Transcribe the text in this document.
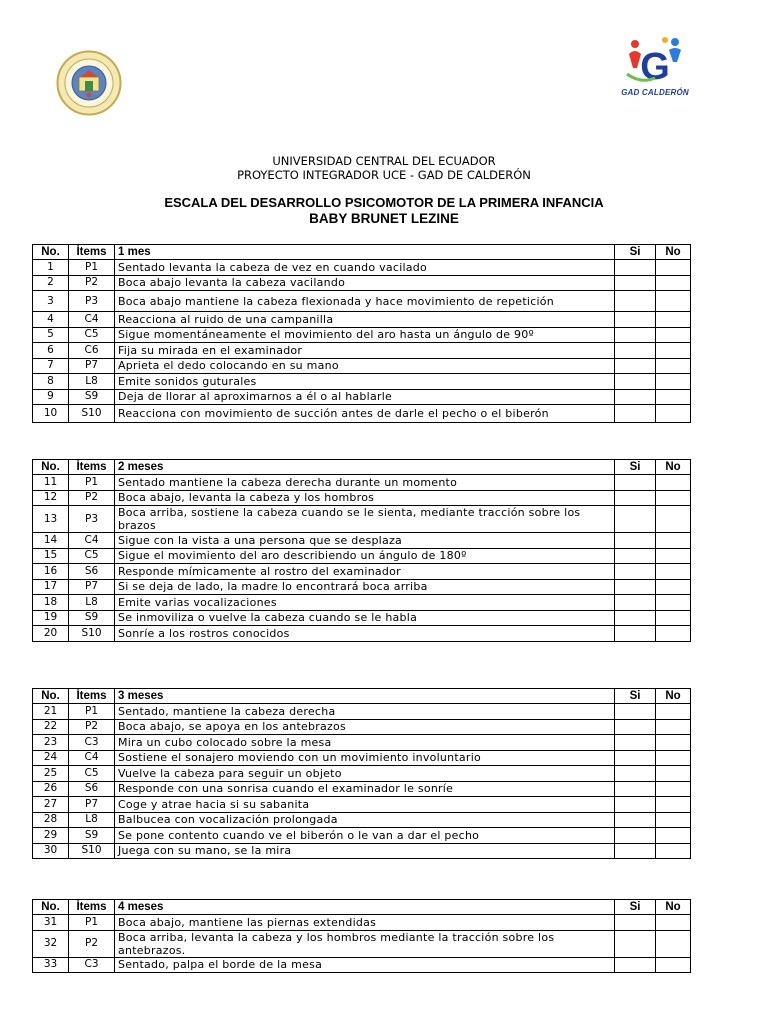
G
GAD CALDERÓN
UNIVERSIDAD CENTRAL DEL ECUADOR
PROYECTO INTEGRADOR UCE - GAD DE CALDERÓN
ESCALA DEL DESARROLLO PSICOMOTOR DE LA PRIMERA INFANCIA
BABY BRUNET LEZINE
No.	Ítems	1 mes	Si	No
1	P1	Sentado levanta la cabeza de vez en cuando vacilado		
2	P2	Boca abajo levanta la cabeza vacilando		
3	P3	Boca abajo mantiene la cabeza flexionada y hace movimiento de repetición		
4	C4	Reacciona al ruido de una campanilla		
5	C5	Sigue momentáneamente el movimiento del aro hasta un ángulo de 90º		
6	C6	Fija su mirada en el examinador		
7	P7	Aprieta el dedo colocando en su mano		
8	L8	Emite sonidos guturales		
9	S9	Deja de llorar al aproximarnos a él o al hablarle		
10	S10	Reacciona con movimiento de succión antes de darle el pecho o el biberón		
No.	Ítems	2 meses	Si	No
11	P1	Sentado mantiene la cabeza derecha durante un momento		
12	P2	Boca abajo, levanta la cabeza y los hombros		
13	P3	Boca arriba, sostiene la cabeza cuando se le sienta, mediante tracción sobre los brazos		
14	C4	Sigue con la vista a una persona que se desplaza		
15	C5	Sigue el movimiento del aro describiendo un ángulo de 180º		
16	S6	Responde mímicamente al rostro del examinador		
17	P7	Si se deja de lado, la madre lo encontrará boca arriba		
18	L8	Emite varias vocalizaciones		
19	S9	Se inmoviliza o vuelve la cabeza cuando se le habla		
20	S10	Sonríe a los rostros conocidos		
No.	Ítems	3 meses	Si	No
21	P1	Sentado, mantiene la cabeza derecha		
22	P2	Boca abajo, se apoya en los antebrazos		
23	C3	Mira un cubo colocado sobre la mesa		
24	C4	Sostiene el sonajero moviendo con un movimiento involuntario		
25	C5	Vuelve la cabeza para seguir un objeto		
26	S6	Responde con una sonrisa cuando el examinador le sonríe		
27	P7	Coge y atrae hacia si su sabanita		
28	L8	Balbucea con vocalización prolongada		
29	S9	Se pone contento cuando ve el biberón o le van a dar el pecho		
30	S10	Juega con su mano, se la mira		
No.	Ítems	4 meses	Si	No
31	P1	Boca abajo, mantiene las piernas extendidas		
32	P2	Boca arriba, levanta la cabeza y los hombros mediante la tracción sobre los antebrazos.		
33	C3	Sentado, palpa el borde de la mesa		
